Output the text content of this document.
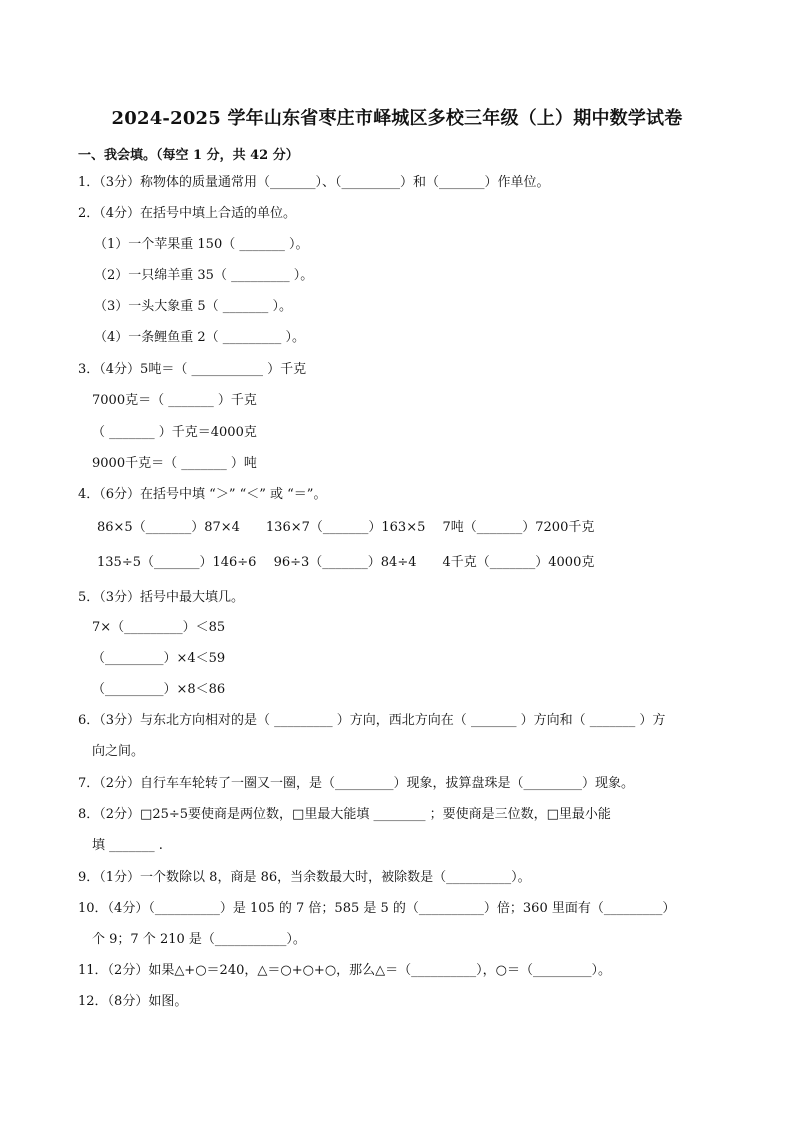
2024-2025 学年山东省枣庄市峄城区多校三年级（上）期中数学试卷
一、我会填。（每空 1 分，共 42 分）
1．（3分）称物体的质量通常用（_______）、（_________）和（_______）作单位。
2．（4分）在括号中填上合适的单位。
（1）一个苹果重 150（ _______ ）。
（2）一只绵羊重 35（ _________ ）。
（3）一头大象重 5（ _______ ）。
（4）一条鲤鱼重 2（ _________ ）。
3．（4分）5吨＝（ ___________ ）千克
7000克＝（ _______ ）千克
（ _______ ）千克＝4000克
9000千克＝（ _______ ）吨
4．（6分）在括号中填 “＞” “＜” 或 “＝”。
86×5（_______）87×4　　136×7（_______）163×5　 7吨（_______）7200千克
135÷5（_______）146÷6　 96÷3（_______）84÷4　　4千克（_______）4000克
5．（3分）括号中最大填几。
7×（_________）＜85
（_________）×4＜59
（_________）×8＜86
6．（3分）与东北方向相对的是（ _________ ）方向，西北方向在（ _______ ）方向和（ _______ ）方
向之间。
7．（2分）自行车车轮转了一圈又一圈，是（_________）现象，拔算盘珠是（_________）现象。
8．（2分）□25÷5要使商是两位数，□里最大能填 ________ ；要使商是三位数，□里最小能
填 _______ .
9．（1分）一个数除以 8，商是 86，当余数最大时，被除数是（__________）。
10．（4分）（__________）是 105 的 7 倍；585 是 5 的（__________）倍；360 里面有（_________）
个 9；7 个 210 是（___________）。
11．（2分）如果△+○＝240，△＝○+○+○，那么△＝（__________），○＝（_________）。
12．（8分）如图。
